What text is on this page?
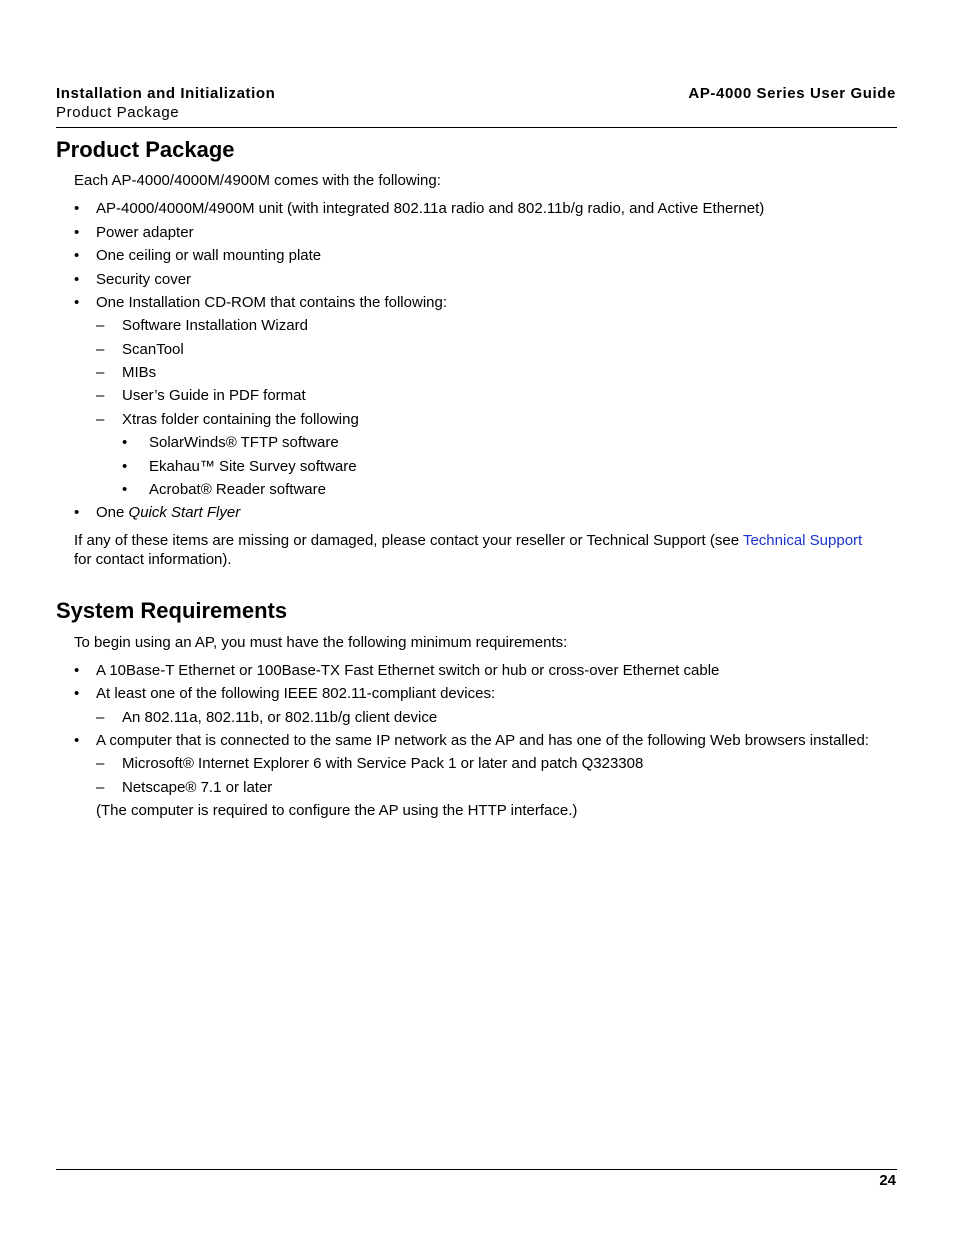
Installation and Initialization
Product Package
AP-4000 Series User Guide
Product Package
Each AP-4000/4000M/4900M comes with the following:
• AP-4000/4000M/4900M unit (with integrated 802.11a radio and 802.11b/g radio, and Active Ethernet)
• Power adapter
• One ceiling or wall mounting plate
• Security cover
• One Installation CD-ROM that contains the following:
– Software Installation Wizard
– ScanTool
– MIBs
– User’s Guide in PDF format
– Xtras folder containing the following
• SolarWinds® TFTP software
• Ekahau™ Site Survey software
• Acrobat® Reader software
• One Quick Start Flyer
If any of these items are missing or damaged, please contact your reseller or Technical Support (see Technical Support
for contact information).
System Requirements
To begin using an AP, you must have the following minimum requirements:
• A 10Base-T Ethernet or 100Base-TX Fast Ethernet switch or hub or cross-over Ethernet cable
• At least one of the following IEEE 802.11-compliant devices:
– An 802.11a, 802.11b, or 802.11b/g client device
• A computer that is connected to the same IP network as the AP and has one of the following Web browsers installed:
– Microsoft® Internet Explorer 6 with Service Pack 1 or later and patch Q323308
– Netscape® 7.1 or later
(The computer is required to configure the AP using the HTTP interface.)
24
